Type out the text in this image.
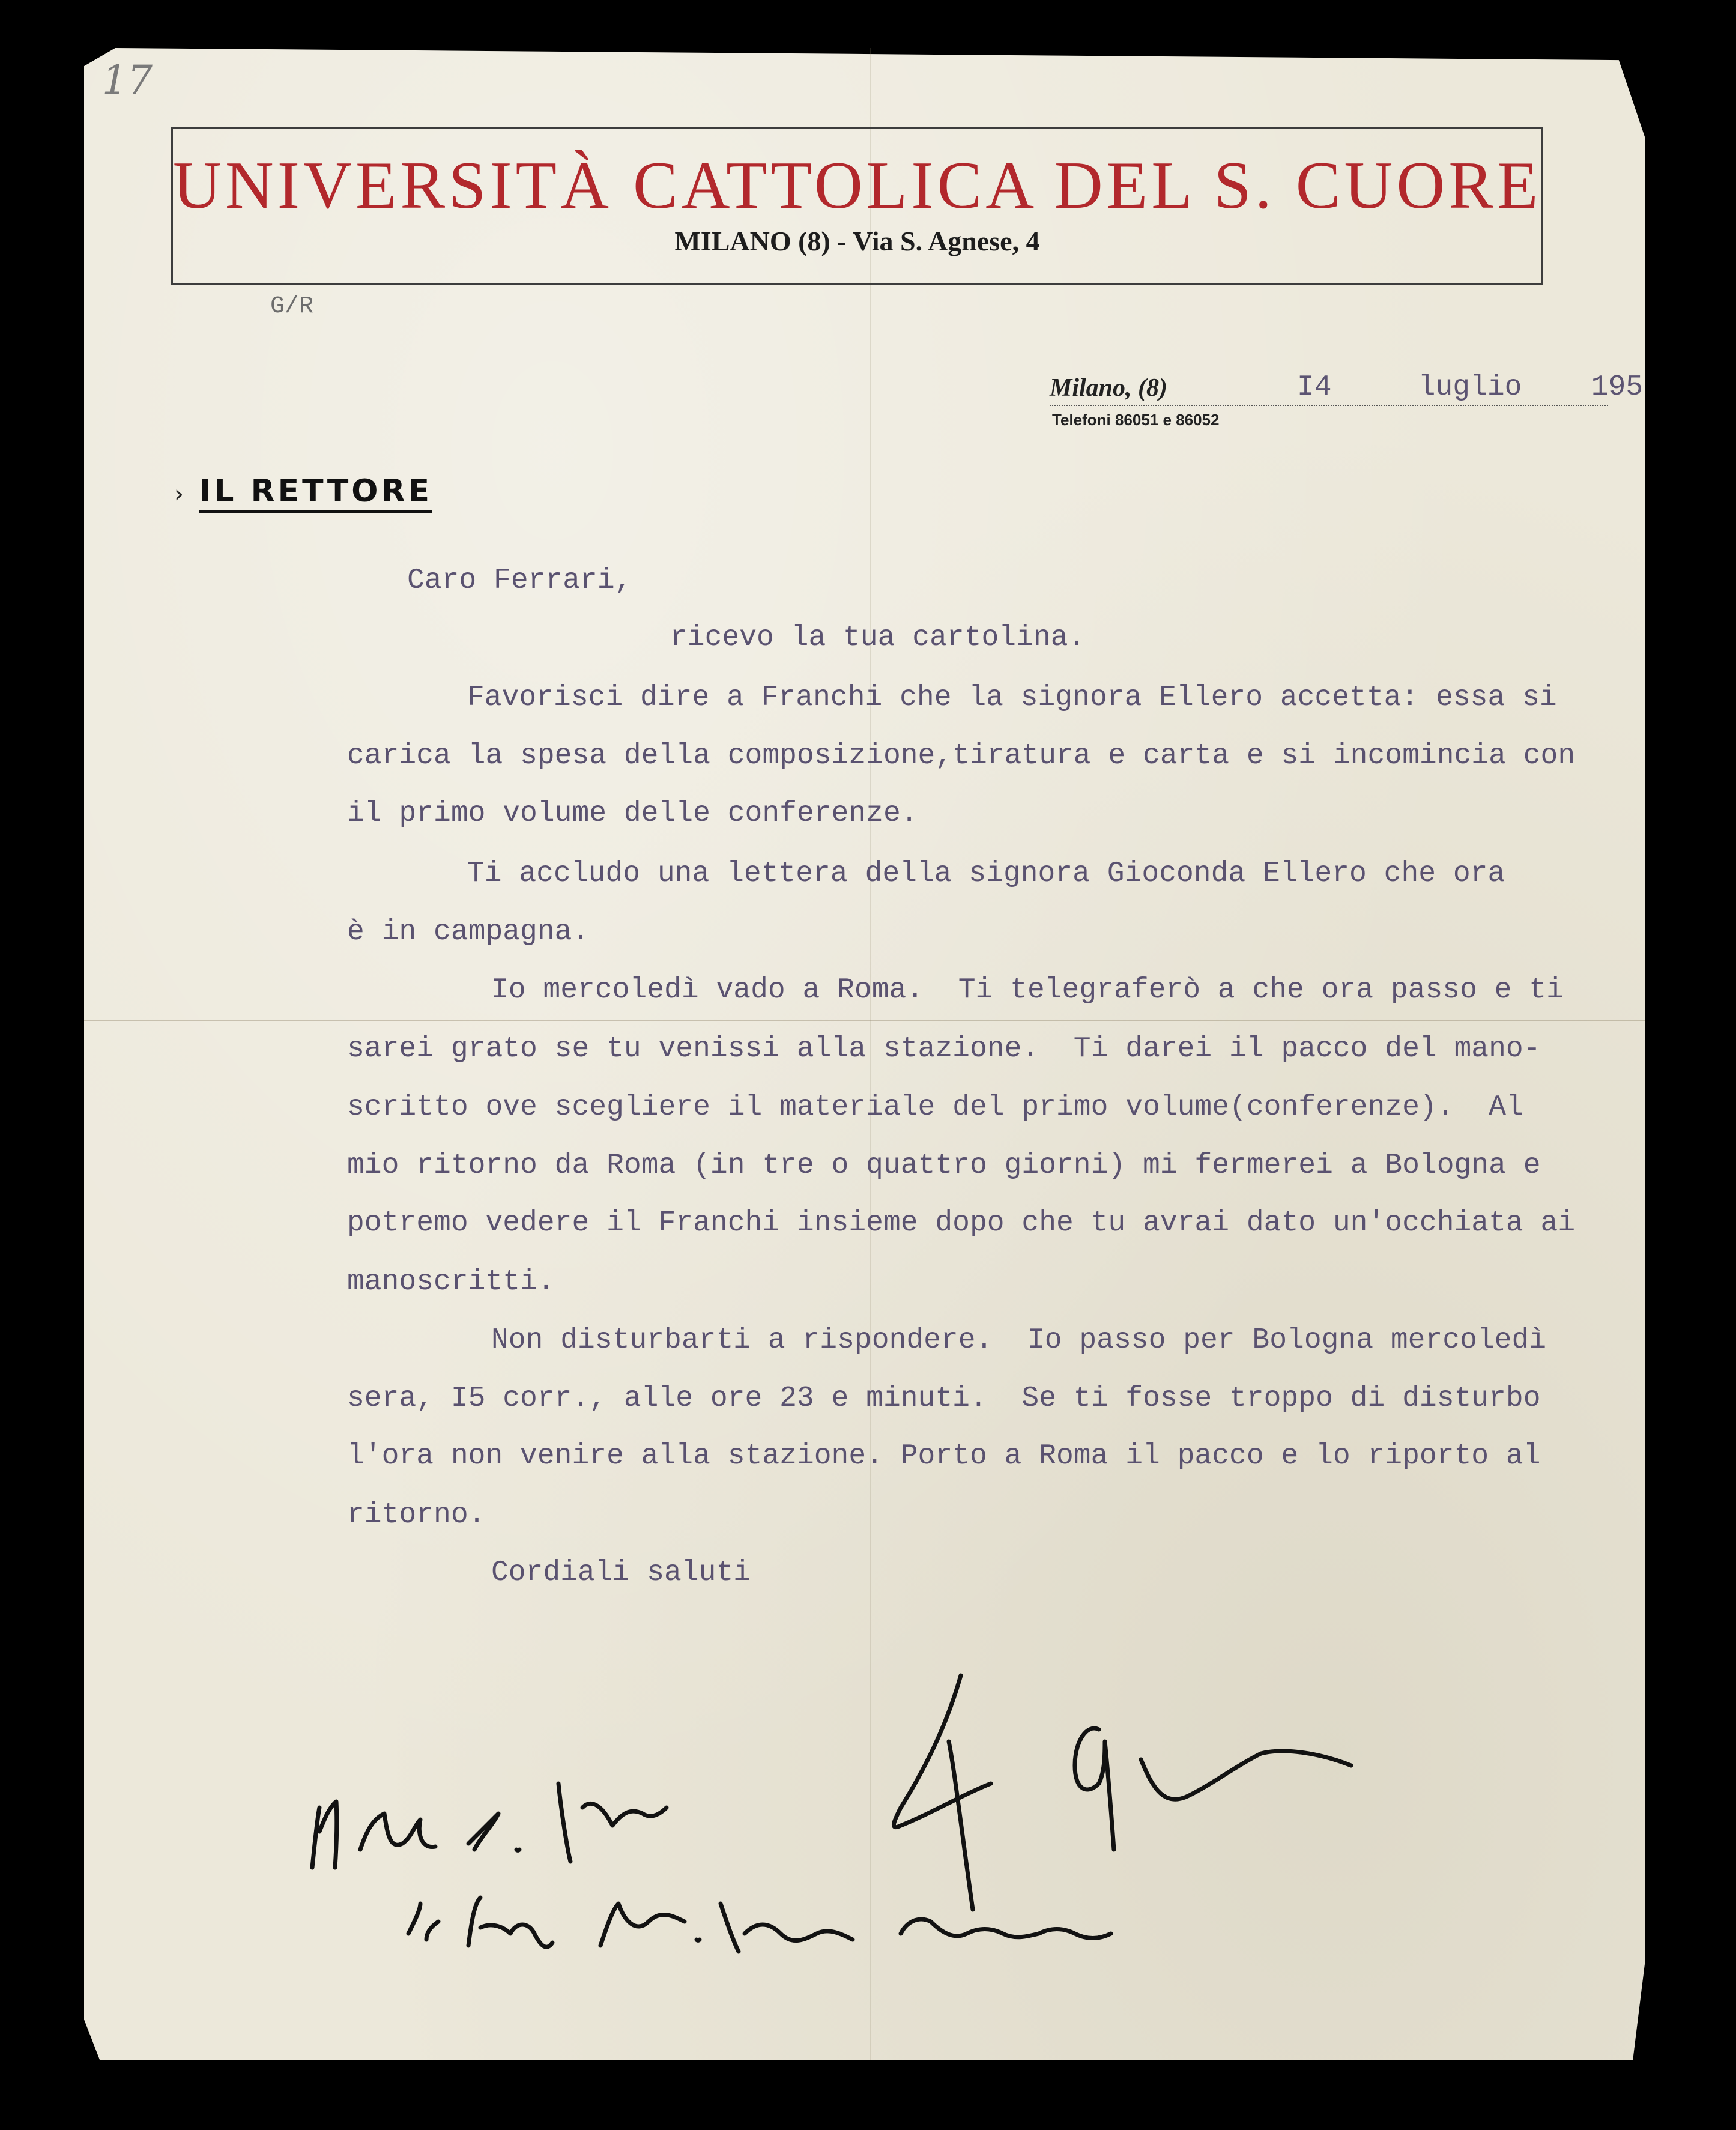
17
UNIVERSITÀ CATTOLICA DEL S. CUORE
MILANO (8) - Via S. Agnese, 4
G/R
Milano, (8)	I4	luglio 195
Telefoni 86051 e 86052
› IL RETTORE
Caro Ferrari,
ricevo la tua cartolina.
Favorisci dire a Franchi che la signora Ellero accetta: essa si
carica la spesa della composizione,tiratura e carta e si incomincia con
il primo volume delle conferenze.
Ti accludo una lettera della signora Gioconda Ellero che ora
è in campagna.
Io mercoledì vado a Roma.  Ti telegraferò a che ora passo e ti
sarei grato se tu venissi alla stazione.  Ti darei il pacco del mano-
scritto ove scegliere il materiale del primo volume(conferenze).  Al
mio ritorno da Roma (in tre o quattro giorni) mi fermerei a Bologna e
potremo vedere il Franchi insieme dopo che tu avrai dato un'occhiata ai
manoscritti.
Non disturbarti a rispondere.  Io passo per Bologna mercoledì
sera, I5 corr., alle ore 23 e minuti.  Se ti fosse troppo di disturbo
l'ora non venire alla stazione. Porto a Roma il pacco e lo riporto al
ritorno.
Cordiali saluti
